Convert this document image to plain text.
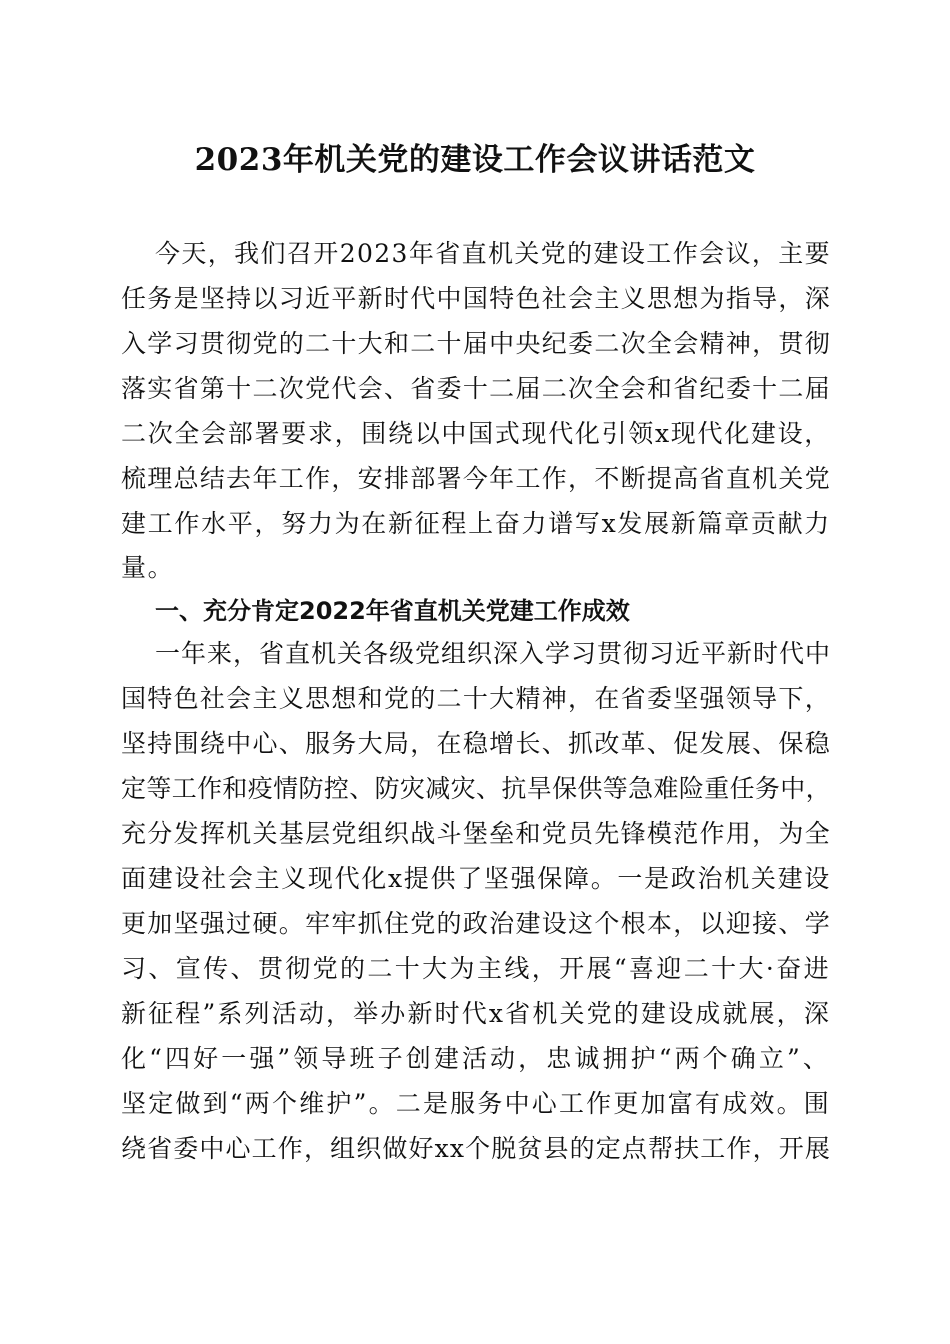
2023年机关党的建设工作会议讲话范文

今天，我们召开2023年省直机关党的建设工作会议，主要

任务是坚持以习近平新时代中国特色社会主义思想为指导，深

入学习贯彻党的二十大和二十届中央纪委二次全会精神，贯彻

落实省第十二次党代会、省委十二届二次全会和省纪委十二届

二次全会部署要求，围绕以中国式现代化引领x现代化建设，

梳理总结去年工作，安排部署今年工作，不断提高省直机关党

建工作水平，努力为在新征程上奋力谱写x发展新篇章贡献力

量。

一、充分肯定2022年省直机关党建工作成效

一年来，省直机关各级党组织深入学习贯彻习近平新时代中

国特色社会主义思想和党的二十大精神，在省委坚强领导下，

坚持围绕中心、服务大局，在稳增长、抓改革、促发展、保稳

定等工作和疫情防控、防灾减灾、抗旱保供等急难险重任务中，

充分发挥机关基层党组织战斗堡垒和党员先锋模范作用，为全

面建设社会主义现代化x提供了坚强保障。一是政治机关建设

更加坚强过硬。牢牢抓住党的政治建设这个根本，以迎接、学

习、宣传、贯彻党的二十大为主线，开展“喜迎二十大·奋进

新征程”系列活动，举办新时代x省机关党的建设成就展，深

化“四好一强”领导班子创建活动，忠诚拥护“两个确立”、

坚定做到“两个维护”。二是服务中心工作更加富有成效。围

绕省委中心工作，组织做好xx个脱贫县的定点帮扶工作，开展
